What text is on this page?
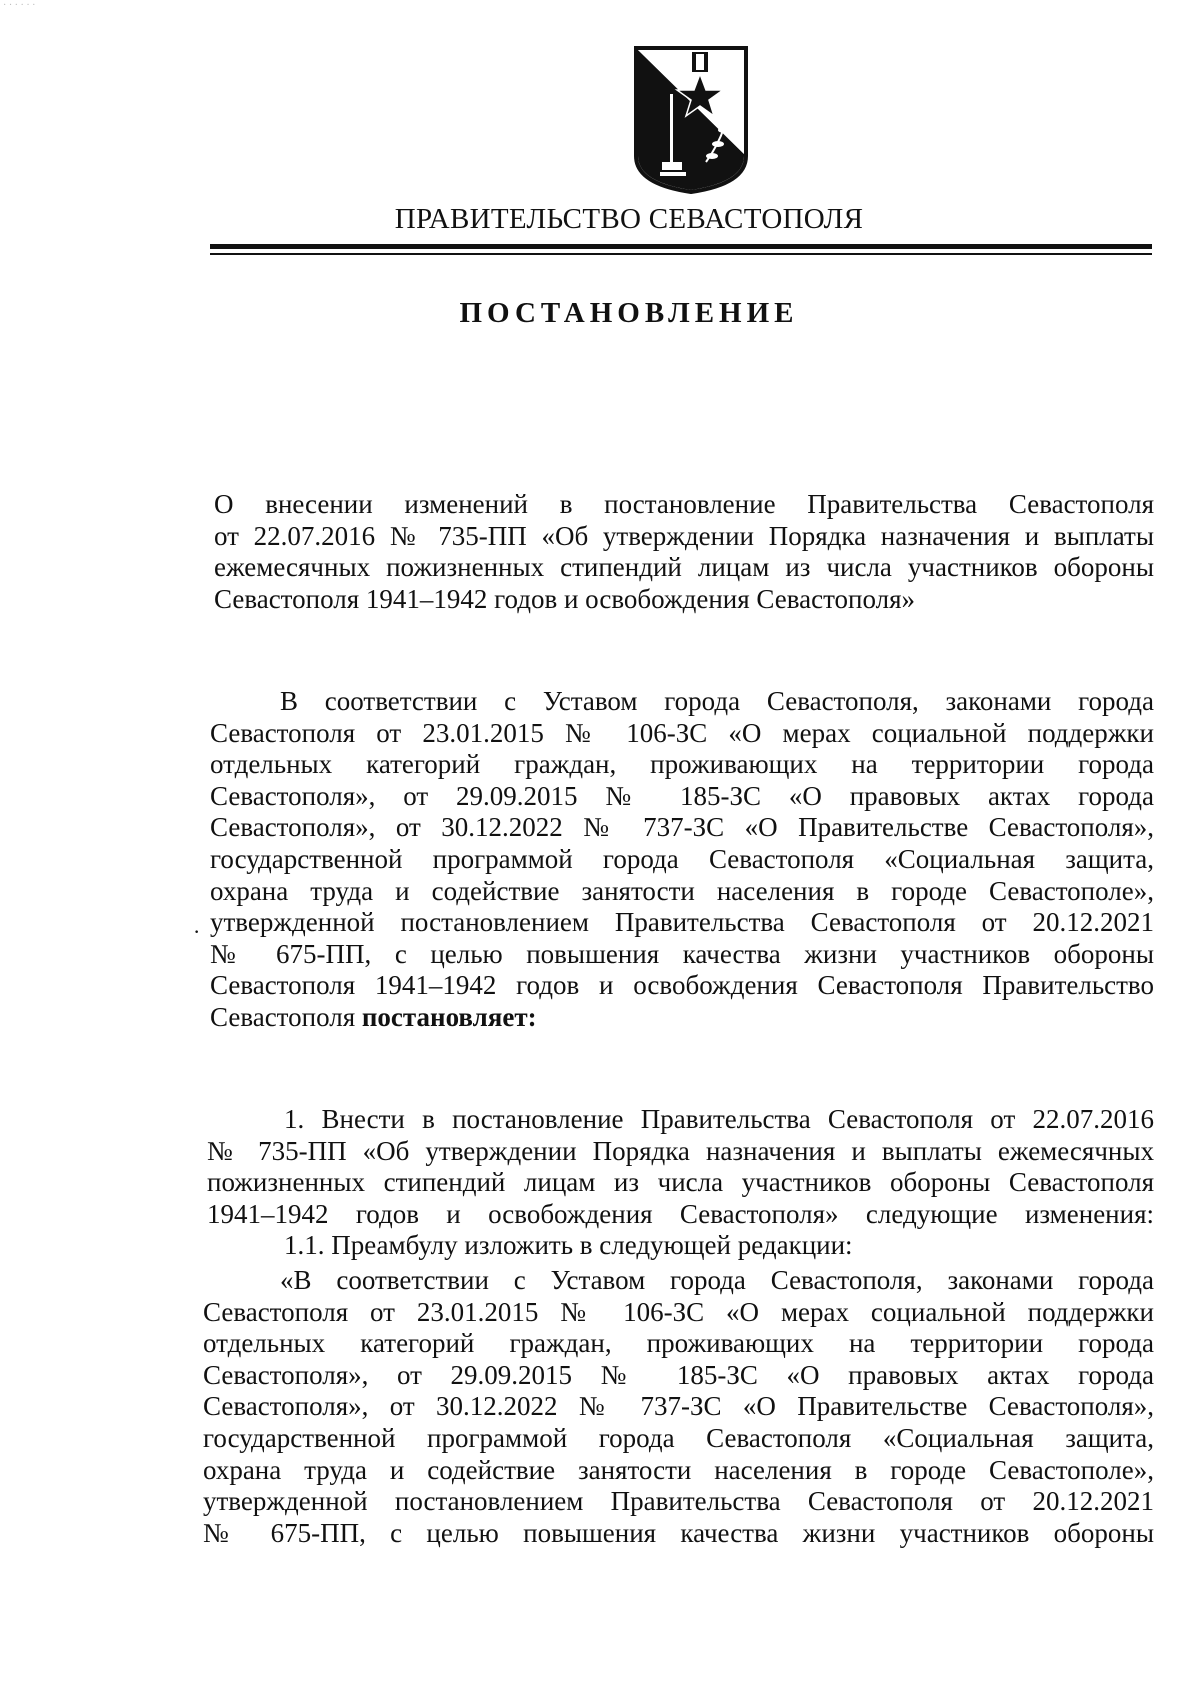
· · · · · ·
ПРАВИТЕЛЬСТВО СЕВАСТОПОЛЯ
ПОСТАНОВЛЕНИЕ
О внесении изменений в постановление Правительства Севастополя
от 22.07.2016 № 735-ПП «Об утверждении Порядка назначения и выплаты
ежемесячных пожизненных стипендий лицам из числа участников обороны
Севастополя 1941–1942 годов и освобождения Севастополя»
·
В соответствии с Уставом города Севастополя, законами города
Севастополя от 23.01.2015 № 106-ЗС «О мерах социальной поддержки
отдельных категорий граждан, проживающих на территории города
Севастополя», от 29.09.2015 № 185-ЗС «О правовых актах города
Севастополя», от 30.12.2022 № 737-ЗС «О Правительстве Севастополя»,
государственной программой города Севастополя «Социальная защита,
охрана труда и содействие занятости населения в городе Севастополе»,
утвержденной постановлением Правительства Севастополя от 20.12.2021
№ 675-ПП, с целью повышения качества жизни участников обороны
Севастополя 1941–1942 годов и освобождения Севастополя Правительство
Севастополя постановляет:
1. Внести в постановление Правительства Севастополя от 22.07.2016
№ 735-ПП «Об утверждении Порядка назначения и выплаты ежемесячных
пожизненных стипендий лицам из числа участников обороны Севастополя
1941–1942 годов и освобождения Севастополя» следующие изменения:
1.1. Преамбулу изложить в следующей редакции:
«В соответствии с Уставом города Севастополя, законами города
Севастополя от 23.01.2015 № 106-ЗС «О мерах социальной поддержки
отдельных категорий граждан, проживающих на территории города
Севастополя», от 29.09.2015 № 185-ЗС «О правовых актах города
Севастополя», от 30.12.2022 № 737-ЗС «О Правительстве Севастополя»,
государственной программой города Севастополя «Социальная защита,
охрана труда и содействие занятости населения в городе Севастополе»,
утвержденной постановлением Правительства Севастополя от 20.12.2021
№ 675-ПП, с целью повышения качества жизни участников обороны
